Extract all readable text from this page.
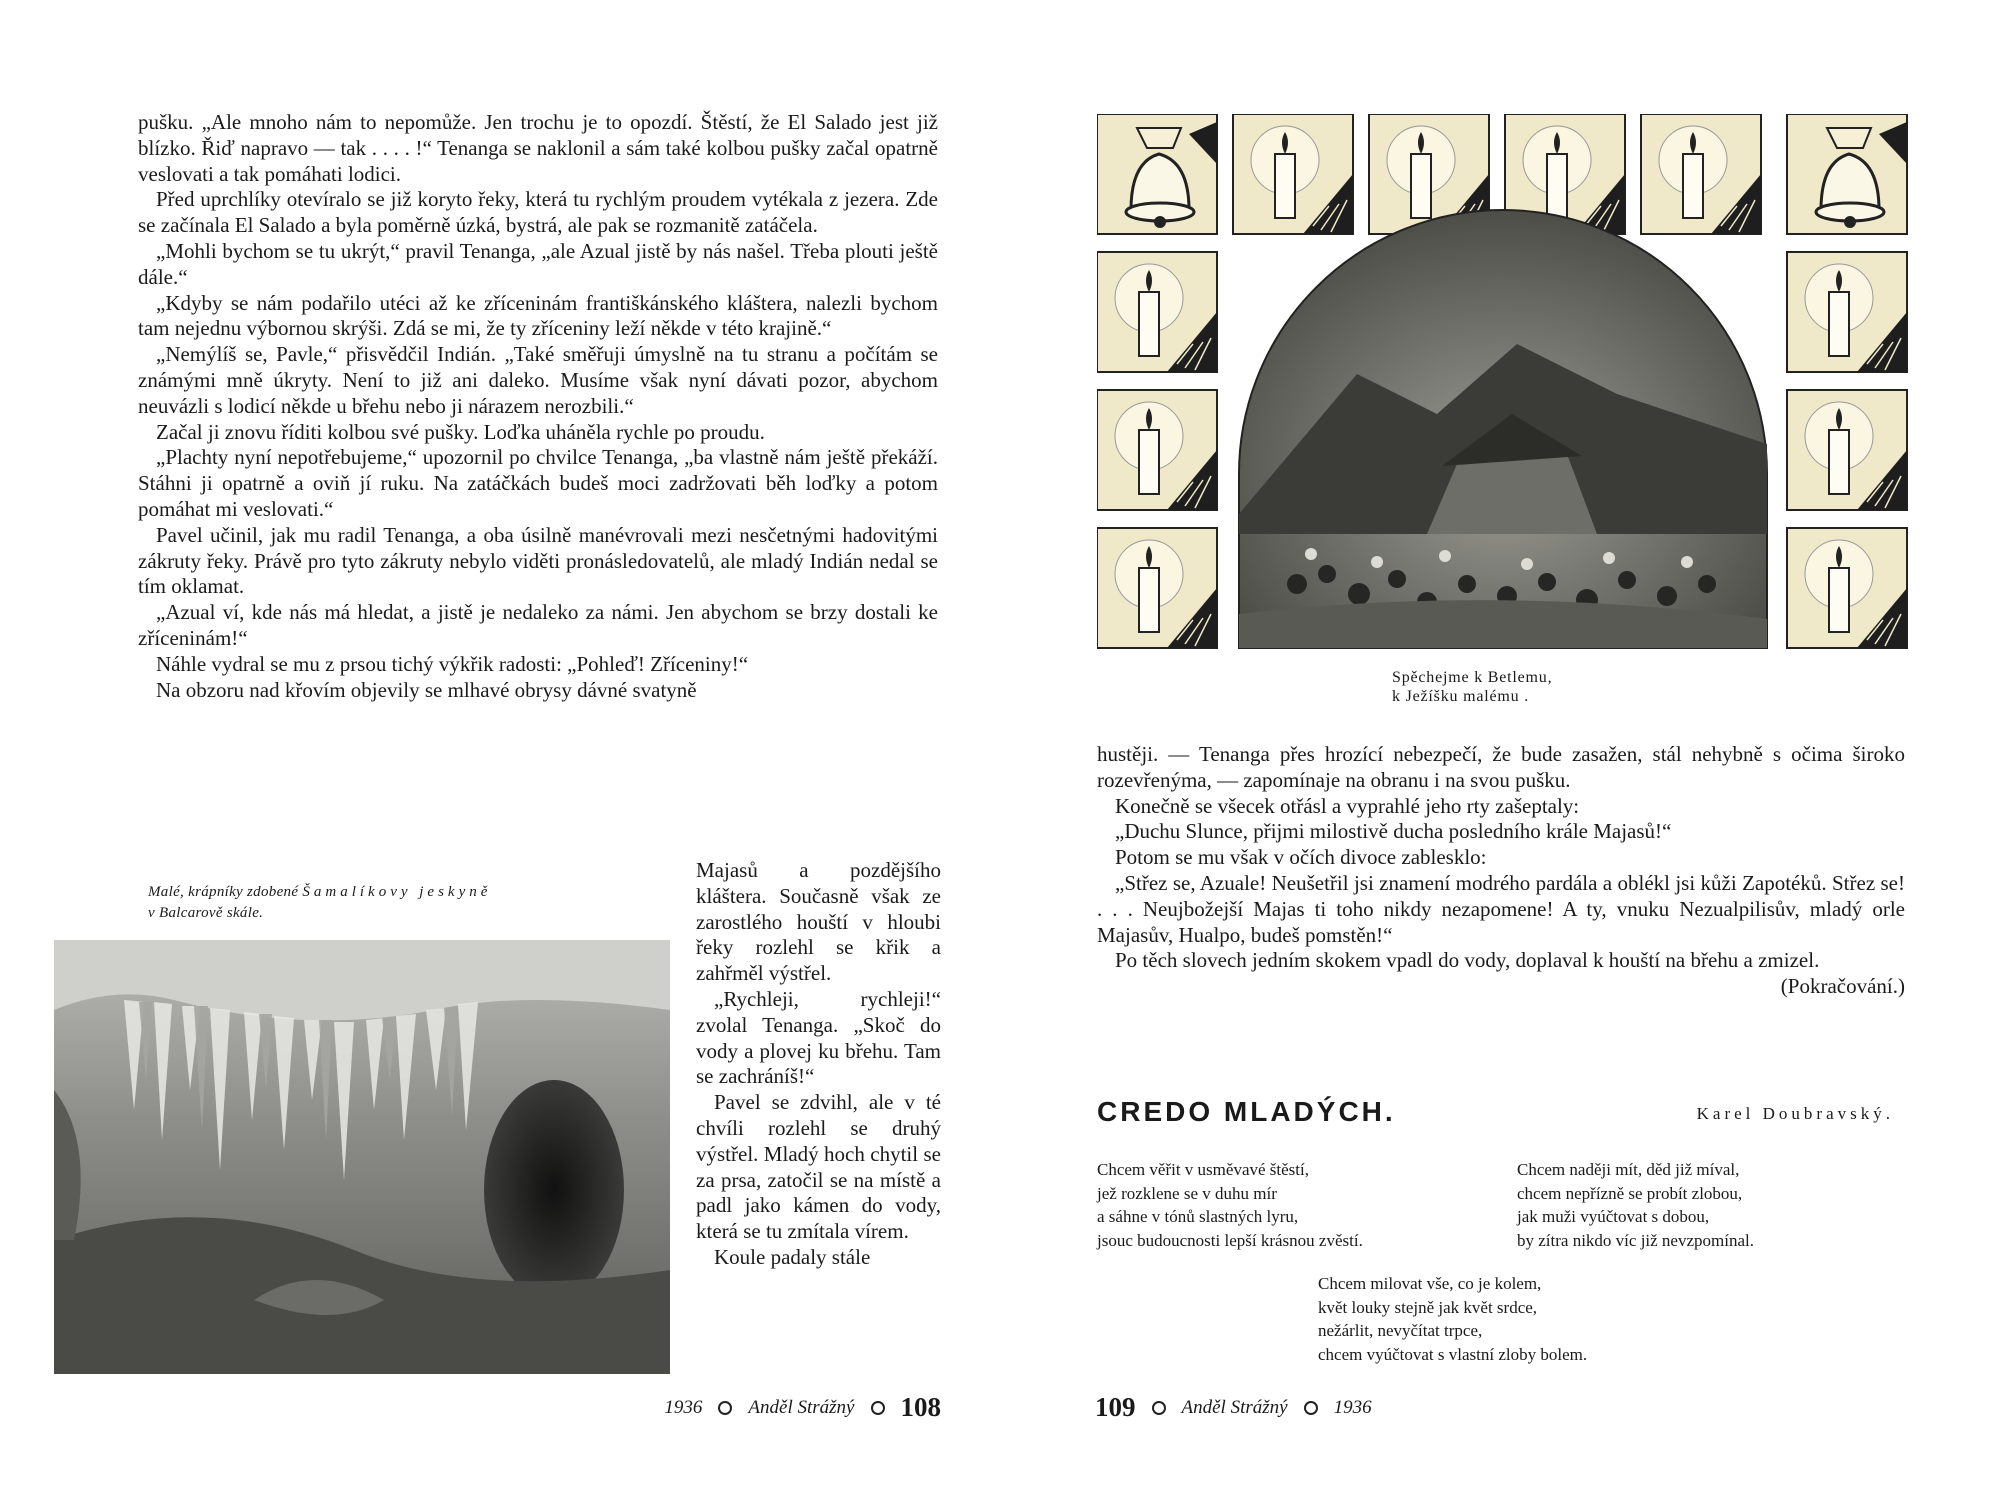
pušku. „Ale mnoho nám to nepomůže. Jen trochu je to opozdí. Štěstí, že El Salado jest již blízko. Řiď napravo — tak . . . . !“ Tenanga se naklonil a sám také kolbou pušky začal opatrně veslovati a tak pomáhati lodici.

Před uprchlíky otevíralo se již koryto řeky, která tu rychlým proudem vytékala z jezera. Zde se začínala El Salado a byla poměrně úzká, bystrá, ale pak se rozmanitě zatáčela.

„Mohli bychom se tu ukrýt,“ pravil Tenanga, „ale Azual jistě by nás našel. Třeba plouti ještě dále.“

„Kdyby se nám podařilo utéci až ke zříceninám františkánského kláštera, nalezli bychom tam nejednu výbornou skrýši. Zdá se mi, že ty zříceniny leží někde v této krajině.“

„Nemýlíš se, Pavle,“ přisvědčil Indián. „Také směřuji úmyslně na tu stranu a počítám se známými mně úkryty. Není to již ani daleko. Musíme však nyní dávati pozor, abychom neuvázli s lodicí někde u břehu nebo ji nárazem nerozbili.“

Začal ji znovu říditi kolbou své pušky. Loďka uháněla rychle po proudu.

„Plachty nyní nepotřebujeme,“ upozornil po chvilce Tenanga, „ba vlastně nám ještě překáží. Stáhni ji opatrně a oviň jí ruku. Na zatáčkách budeš moci zadržovati běh loďky a potom pomáhat mi veslovati.“

Pavel učinil, jak mu radil Tenanga, a oba úsilně manévrovali mezi nesčetnými hadovitými zákruty řeky. Právě pro tyto zákruty nebylo viděti pronásledovatelů, ale mladý Indián nedal se tím oklamat.

„Azual ví, kde nás má hledat, a jistě je nedaleko za námi. Jen abychom se brzy dostali ke zříceninám!“

Náhle vydral se mu z prsou tichý výkřik radosti: „Pohleď! Zříceniny!“

Na obzoru nad křovím objevily se mlhavé obrysy dávné svatyně

Malé, krápníky zdobené Šamalíkovy jeskyně
v Balcarově skále.

Majasů a pozdějšího kláštera. Současně však ze zarostlého houští v hloubi řeky rozlehl se křik a zahřměl výstřel.

„Rychleji, rychleji!“ zvolal Tenanga. „Skoč do vody a plovej ku břehu. Tam se zachráníš!“

Pavel se zdvihl, ale v té chvíli rozlehl se druhý výstřel. Mladý hoch chytil se za prsa, zatočil se na místě a padl jako kámen do vody, která se tu zmítala vírem.

Koule padaly stále

1936 Anděl Strážný 108
Spěchejme k Betlemu,
k Ježíšku malému .

hustěji. — Tenanga přes hrozící nebezpečí, že bude zasažen, stál nehybně s očima široko rozevřenýma, — zapomínaje na obranu i na svou pušku.

Konečně se všecek otřásl a vyprahlé jeho rty zašeptaly:

„Duchu Slunce, přijmi milostivě ducha posledního krále Majasů!“

Potom se mu však v očích divoce zablesklo:

„Střez se, Azuale! Neušetřil jsi znamení modrého pardála a oblékl jsi kůži Zapotéků. Střez se! . . . Neujbožejší Majas ti toho nikdy nezapomene! A ty, vnuku Nezualpilisův, mladý orle Majasův, Hualpo, budeš pomstěn!“

Po těch slovech jedním skokem vpadl do vody, doplaval k houští na břehu a zmizel.

(Pokračování.)

CREDO MLADÝCH.	Karel Doubravský.
Chcem věřit v usměvavé štěstí,
jež rozklene se v duhu mír
a sáhne v tónů slastných lyru,
jsouc budoucnosti lepší krásnou zvěstí.
Chcem naději mít, děd již míval,
chcem nepřízně se probít zlobou,
jak muži vyúčtovat s dobou,
by zítra nikdo víc již nevzpomínal.
Chcem milovat vše, co je kolem,
květ louky stejně jak květ srdce,
nežárlit, nevyčítat trpce,
chcem vyúčtovat s vlastní zloby bolem.
109 Anděl Strážný 1936
